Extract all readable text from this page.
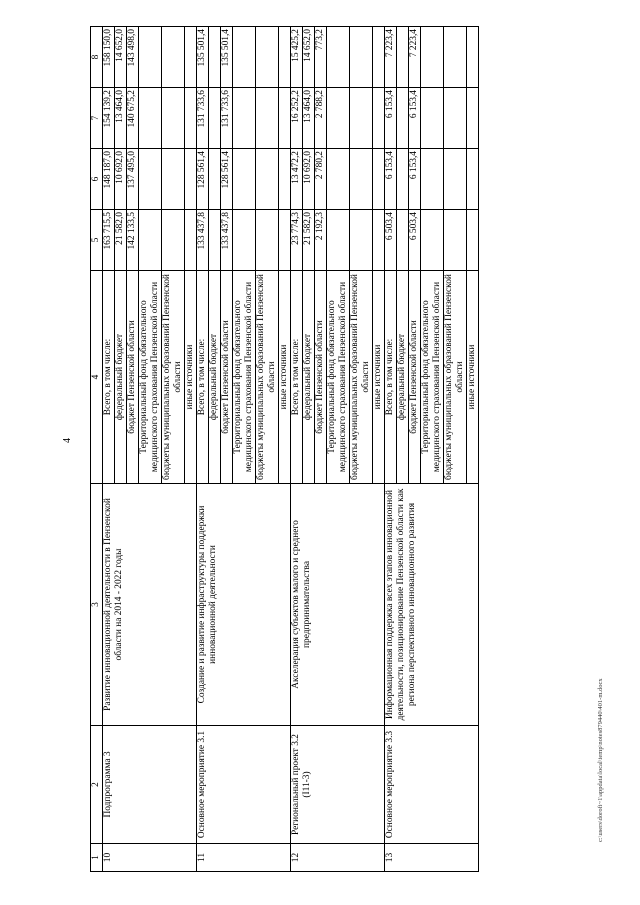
4
1	2	3	4	5	6	7	8
10	Подпрограмма 3	Развитие инновационной деятельности в Пензенской области на 2014 - 2022 годы	Всего, в том числе:	163 715,5	148 187,0	154 139,2	158 150,0
			федеральный бюджет	21 582,0	10 692,0	13 464,0	14 652,0
			бюджет Пензенской области	142 133,5	137 495,0	140 675,2	143 498,0
			Территориальный фонд обязательного медицинского страхования Пензенской области				
			бюджеты муниципальных образований Пензенской области				
			иные источники				
11	Основное мероприятие 3.1	Создание и развитие инфраструктуры поддержки инновационной деятельности	Всего, в том числе:	133 437,8	128 561,4	131 733,6	135 501,4
			федеральный бюджет				
			бюджет Пензенской области	133 437,8	128 561,4	131 733,6	135 501,4
			Территориальный фонд обязательного медицинского страхования Пензенской области				
			бюджеты муниципальных образований Пензенской области				
			иные источники				
12	Региональный проект 3.2 (I11-3)	Акселерация субъектов малого и среднего предпринимательства	Всего, в том числе:	23 774,3	13 472,2	16 252,2	15 425,2
			федеральный бюджет	21 582,0	10 692,0	13 464,0	14 652,0
			бюджет Пензенской области	2 192,3	2 780,2	2 788,2	773,2
			Территориальный фонд обязательного медицинского страхования Пензенской области				
			бюджеты муниципальных образований Пензенской области				
			иные источники				
13	Основное мероприятие 3.3	Информационная поддержка всех этапов инновационной деятельности, позиционирование Пензенской области как региона перспективного инновационного развития	Всего, в том числе:	6 503,4	6 153,4	6 153,4	7 223,4
			федеральный бюджет				
			бюджет Пензенской области	6 503,4	6 153,4	6 153,4	7 223,4
			Территориальный фонд обязательного медицинского страхования Пензенской области				
			бюджеты муниципальных образований Пензенской области				
			иные источники				
c:\users\dorofi~1\appdata\local\temp\notes879440\401-m.docx
